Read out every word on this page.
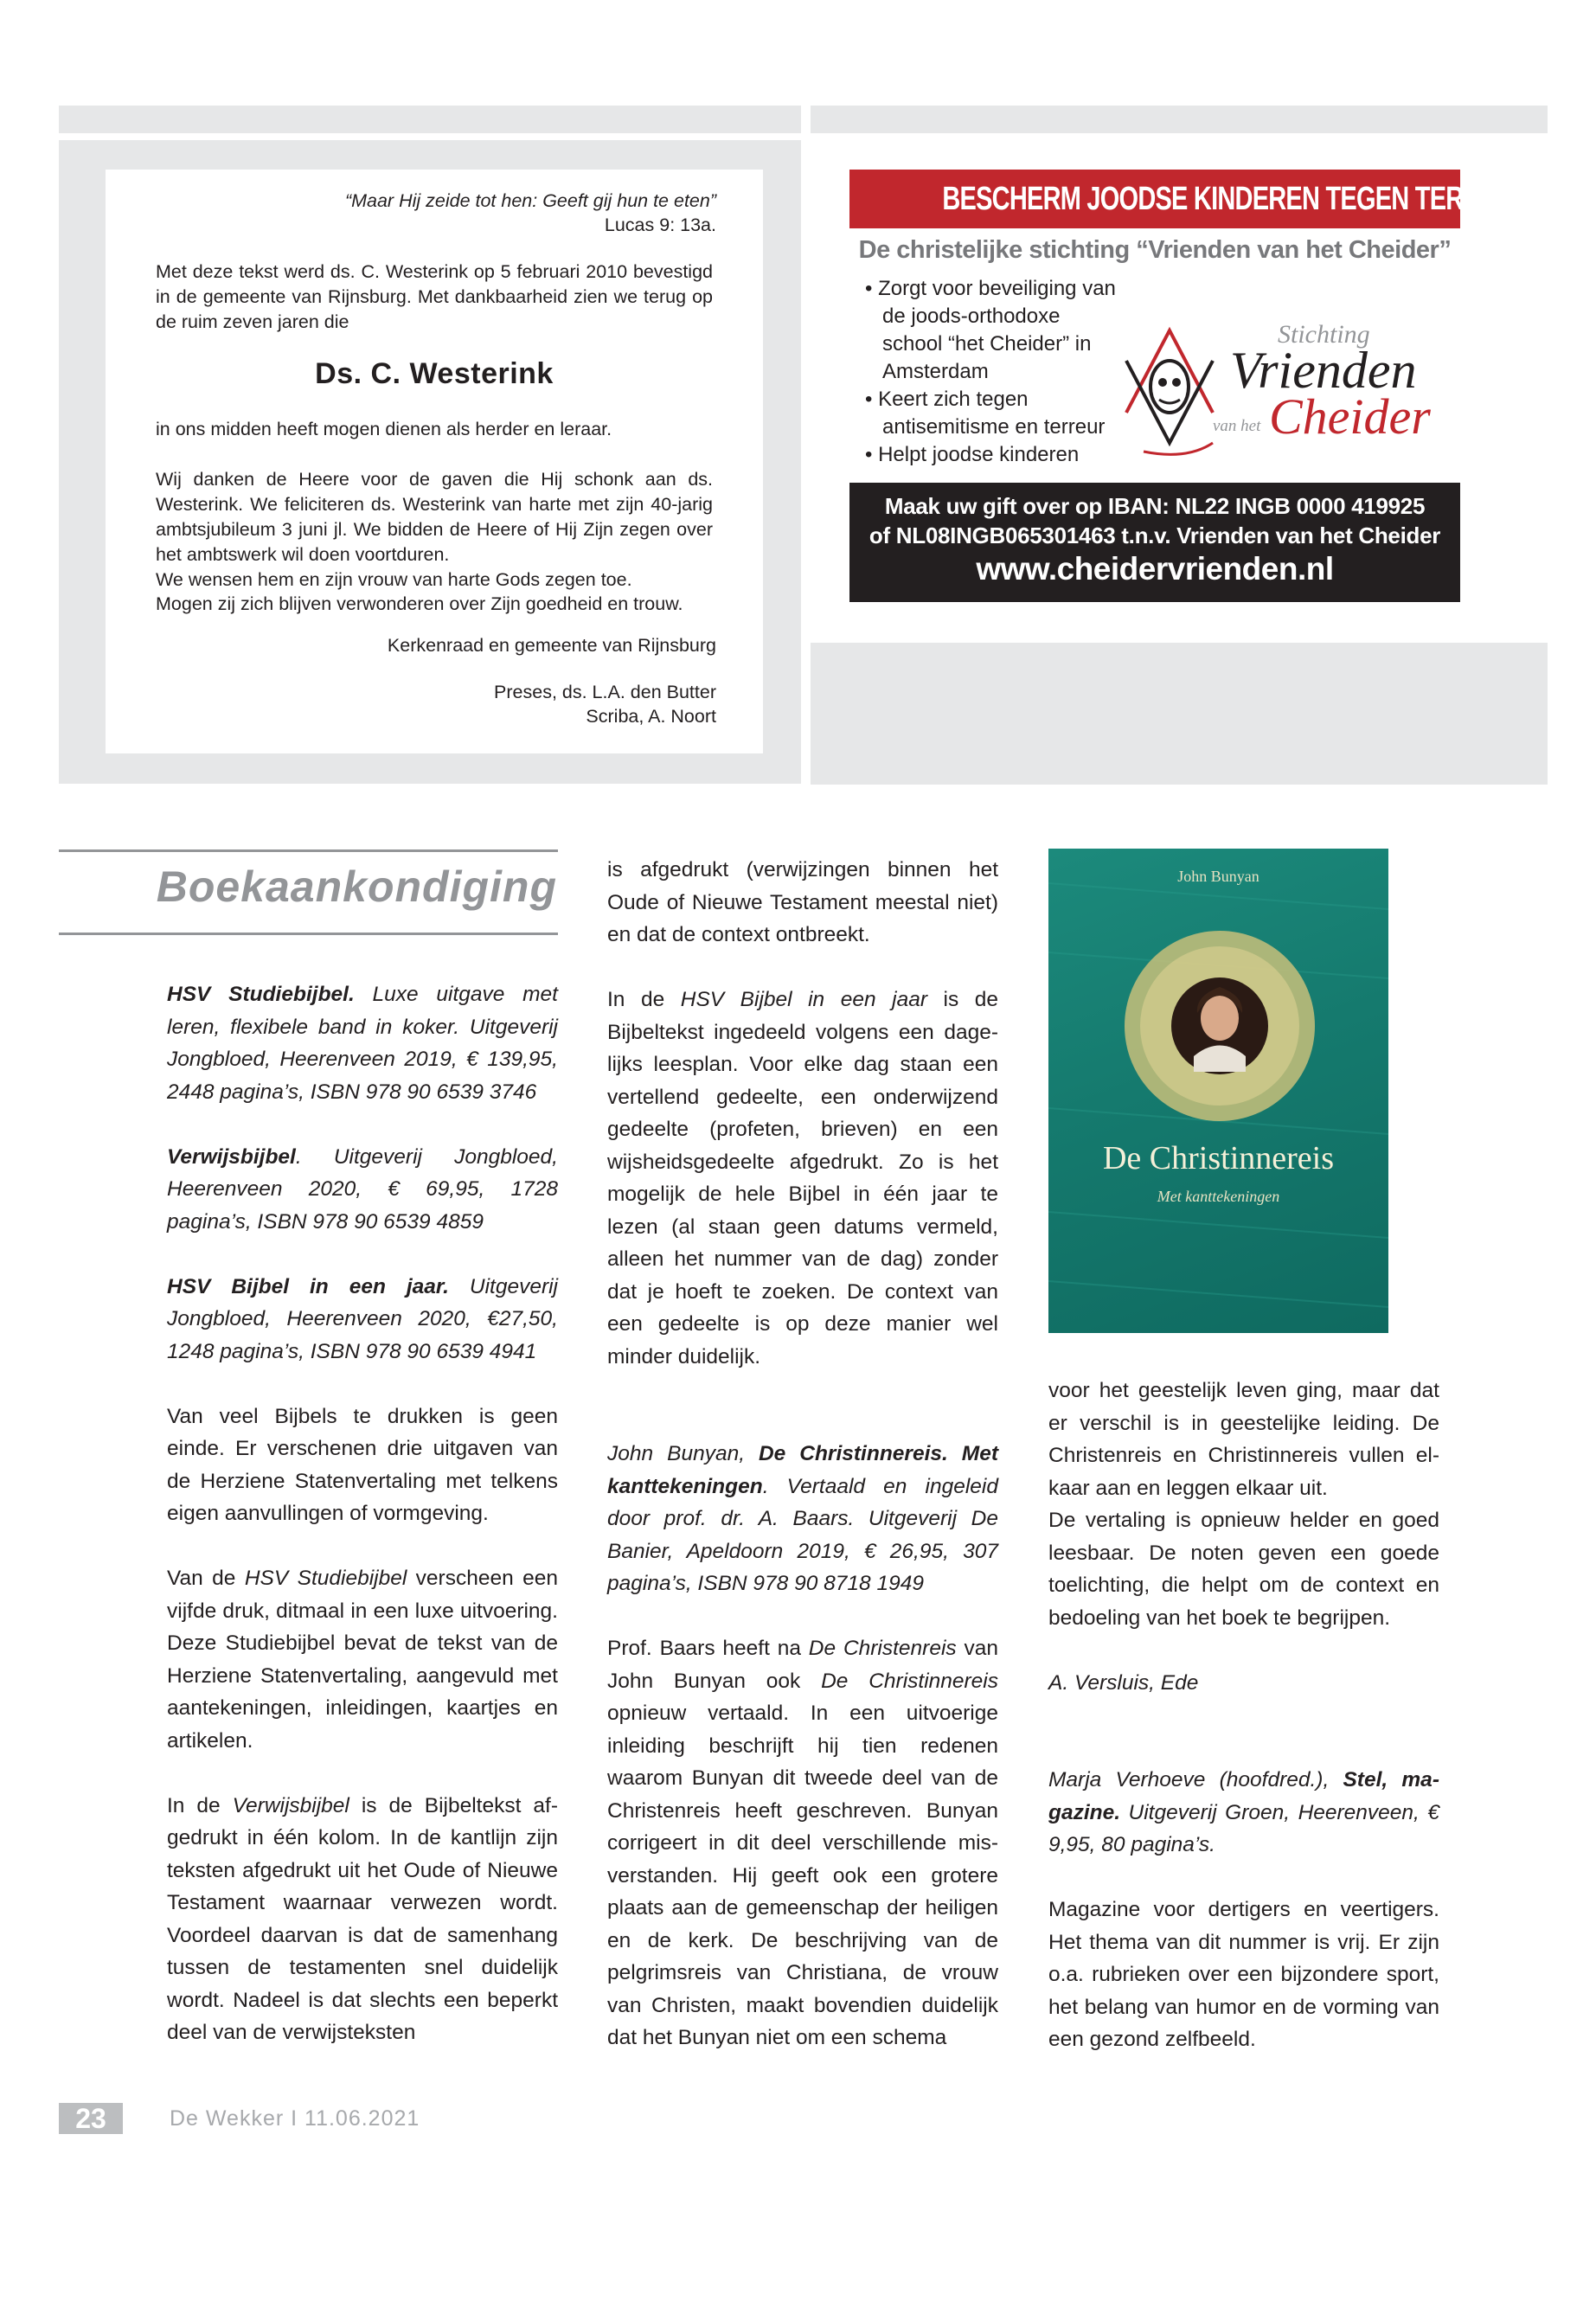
“Maar Hij zeide tot hen: Geeft gij hun te eten”
Lucas 9: 13a.
Met deze tekst werd ds. C. Westerink op 5 februari 2010 bevestigd in de gemeente van Rijnsburg. Met dankbaarheid zien we terug op de ruim zeven jaren die
Ds. C. Westerink
in ons midden heeft mogen dienen als herder en leraar.
Wij danken de Heere voor de gaven die Hij schonk aan ds. Westerink. We feliciteren ds. Westerink van harte met zijn 40-jarig ambtsjubileum 3 juni jl. We bidden de Heere of Hij Zijn zegen over het ambtswerk wil doen voortduren.
We wensen hem en zijn vrouw van harte Gods zegen toe.
Mogen zij zich blijven verwonderen over Zijn goedheid en trouw.
Kerkenraad en gemeente van Rijnsburg
Preses, ds. L.A. den Butter
Scriba, A. Noort
BESCHERM JOODSE KINDEREN TEGEN TERREUR!
De christelijke stichting “Vrienden van het Cheider”
• Zorgt voor beveiliging van de joods-orthodoxe school “het Cheider” in Amsterdam
• Keert zich tegen antisemitisme en terreur
• Helpt joodse kinderen
Stichting
Vrienden
van het Cheider
Maak uw gift over op IBAN: NL22 INGB 0000 419925
of NL08INGB065301463 t.n.v. Vrienden van het Cheider
www.cheidervrienden.nl
Boekaankondiging

HSV Studiebijbel. Luxe uitgave met leren, flexibele band in koker. Uitgeverij Jongbloed, Heerenveen 2019, € 139,95, 2448 pagina’s, ISBN 978 90 6539 3746

Verwijsbijbel. Uitgeverij Jongbloed, Heerenveen 2020, € 69,95, 1728 pagina’s, ISBN 978 90 6539 4859

HSV Bijbel in een jaar. Uitgeverij Jongbloed, Heerenveen 2020, €27,50, 1248 pagina’s, ISBN 978 90 6539 4941

Van veel Bijbels te drukken is geen einde. Er verschenen drie uitgaven van de Herziene Statenvertaling met telkens eigen aanvullingen of vormgeving.

Van de HSV Studiebijbel verscheen een vijfde druk, ditmaal in een luxe uitvoering. Deze Studiebijbel bevat de tekst van de Herziene Statenvertaling, aangevuld met aantekeningen, inleidingen, kaartjes en artikelen.

In de Verwijsbijbel is de Bijbeltekst afgedrukt in één kolom. In de kantlijn zijn teksten afgedrukt uit het Oude of Nieuwe Testament waarnaar verwezen wordt. Voordeel daarvan is dat de samenhang tussen de testamenten snel duidelijk wordt. Nadeel is dat slechts een beperkt deel van de verwijsteksten

is afgedrukt (verwijzingen binnen het Oude of Nieuwe Testament meestal niet) en dat de context ontbreekt.

In de HSV Bijbel in een jaar is de Bijbeltekst ingedeeld volgens een dagelijks leesplan. Voor elke dag staan een vertellend gedeelte, een onderwijzend gedeelte (profeten, brieven) en een wijsheidsgedeelte afgedrukt. Zo is het mogelijk de hele Bijbel in één jaar te lezen (al staan geen datums vermeld, alleen het nummer van de dag) zonder dat je hoeft te zoeken. De context van een gedeelte is op deze manier wel minder duidelijk.

John Bunyan, De Christinnereis. Met kanttekeningen. Vertaald en ingeleid door prof. dr. A. Baars. Uitgeverij De Banier, Apeldoorn 2019, € 26,95, 307 pagina’s, ISBN 978 90 8718 1949

Prof. Baars heeft na De Christenreis van John Bunyan ook De Christinnereis opnieuw vertaald. In een uitvoerige inleiding beschrijft hij tien redenen waarom Bunyan dit tweede deel van de Christenreis heeft geschreven. Bunyan corrigeert in dit deel verschillende misverstanden. Hij geeft ook een grotere plaats aan de gemeenschap der heiligen en de kerk. De beschrijving van de pelgrimsreis van Christiana, de vrouw van Christen, maakt bovendien duidelijk dat het Bunyan niet om een schema

John Bunyan
De Christinnereis
Met kanttekeningen

voor het geestelijk leven ging, maar dat er verschil is in geestelijke leiding. De Christenreis en Christinnereis vullen elkaar aan en leggen elkaar uit.

De vertaling is opnieuw helder en goed leesbaar. De noten geven een goede toelichting, die helpt om de context en bedoeling van het boek te begrijpen.

A. Versluis, Ede

Marja Verhoeve (hoofdred.), Stel, magazine. Uitgeverij Groen, Heerenveen, € 9,95, 80 pagina’s.

Magazine voor dertigers en veertigers. Het thema van dit nummer is vrij. Er zijn o.a. rubrieken over een bijzondere sport, het belang van humor en de vorming van een gezond zelfbeeld.

23	De Wekker I 11.06.2021
